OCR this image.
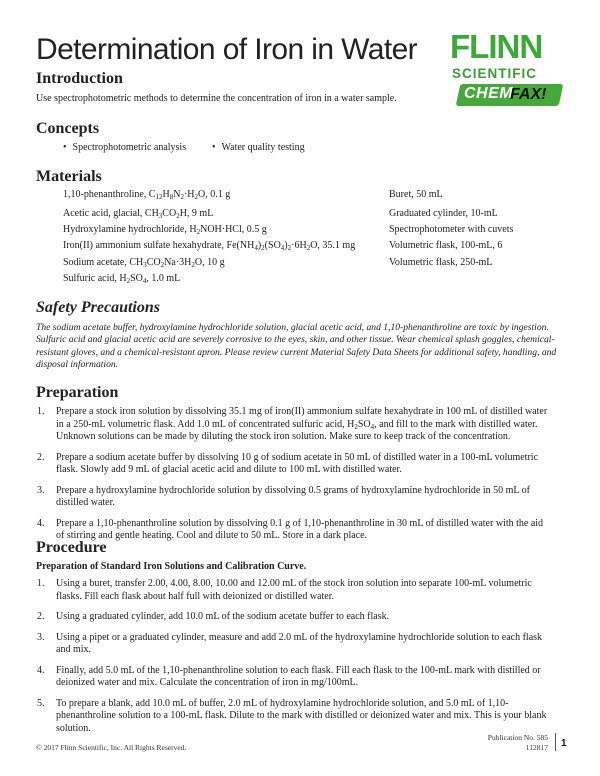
Determination of Iron in Water FLINN
SCIENTIFIC
CHEM
FAX!
Introduction
Use spectrophotometric methods to determine the concentration of iron in a water sample.
Concepts
• Spectrophotometric analysis
•	Water quality testing
Materials
1,10-phenanthroline, $C_{12}H_8N_2\cdot H_2O$, 0.1 g
Acetic acid, glacial, $CH_3CO_2H$, 9 mL
Hydroxylamine hydrochloride, $H_2NOH\cdot HCl$, 0.5 g
Iron(II) ammonium sulfate hexahydrate, $Fe(NH_4)_2(SO_4)_2\cdot 6H_2O$, 35.1 mg
Sodium acetate, $CH_3CO_2Na\cdot 3H_2O$, 10 g
Sulfuric acid, $H_2SO_4$, 1.0 mL
Buret, 50 mL
Graduated cylinder, 10-mL
Spectrophotometer with cuvets
Volumetric flask, 100-mL, 6
Volumetric flask, 250-mL
Safety Precautions
The sodium acetate buffer, hydroxylamine hydrochloride solution, glacial acetic acid, and 1,10-phenanthroline are toxic by ingestion. Sulfuric acid and glacial acetic acid are severely corrosive to the eyes, skin, and other tissue. Wear chemical splash goggles, chemical-resistant gloves, and a chemical-resistant apron. Please review current Material Safety Data Sheets for additional safety, handling, and disposal information.
Preparation
1. Prepare a stock iron solution by dissolving 35.1 mg of iron(II) ammonium sulfate hexahydrate in 100 mL of distilled water in a 250-mL volumetric flask. Add 1.0 mL of concentrated sulfuric acid, $H_2SO_4$, and fill to the mark with distilled water. Unknown solutions can be made by diluting the stock iron solution. Make sure to keep track of the concentration.
2. Prepare a sodium acetate buffer by dissolving 10 g of sodium acetate in 50 mL of distilled water in a 100-mL volumetric flask. Slowly add 9 mL of glacial acetic acid and dilute to 100 mL with distilled water.
3. Prepare a hydroxylamine hydrochloride solution by dissolving 0.5 grams of hydroxylamine hydrochloride in 50 mL of distilled water.
4. Prepare a 1,10-phenanthroline solution by dissolving 0.1 g of 1,10-phenanthroline in 30 mL of distilled water with the aid of stirring and gentle heating. Cool and dilute to 50 mL. Store in a dark place.
Procedure
Preparation of Standard Iron Solutions and Calibration Curve.
1. Using a buret, transfer 2.00, 4.00, 8.00, 10.00 and 12.00 mL of the stock iron solution into separate 100-mL volumetric flasks. Fill each flask about half full with deionized or distilled water.
2. Using a graduated cylinder, add 10.0 mL of the sodium acetate buffer to each flask.
3. Using a pipet or a graduated cylinder, measure and add 2.0 mL of the hydroxylamine hydrochloride solution to each flask and mix.
4. Finally, add 5.0 mL of the 1,10-phenanthroline solution to each flask. Fill each flask to the 100-mL mark with distilled or deionized water and mix. Calculate the concentration of iron in mg/100mL.
5. To prepare a blank, add 10.0 mL of buffer, 2.0 mL of hydroxylamine hydrochloride solution, and 5.0 mL of 1,10-phenanthroline solution to a 100-mL flask. Dilute to the mark with distilled or deionized water and mix. This is your blank solution.
© 2017 Flinn Scientific, Inc. All Rights Reserved.
Publication No. 585
112817 1
